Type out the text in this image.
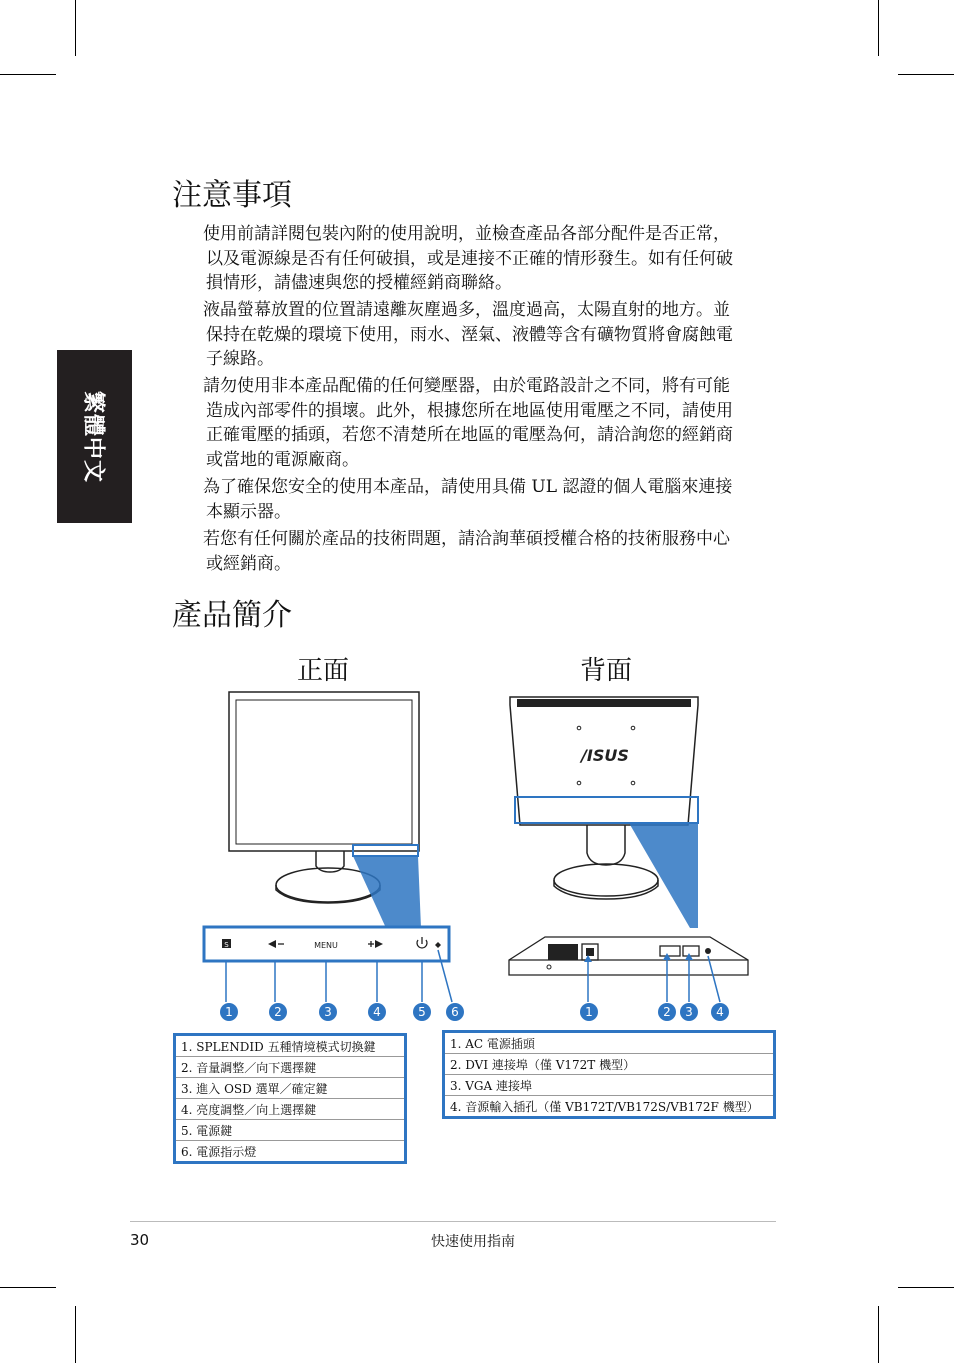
繁體中文
注意事項
使用前請詳閱包裝內附的使用說明，並檢查產品各部分配件是否正常，
以及電源線是否有任何破損，或是連接不正確的情形發生。如有任何破
損情形，請儘速與您的授權經銷商聯絡。
液晶螢幕放置的位置請遠離灰塵過多，溫度過高，太陽直射的地方。並
保持在乾燥的環境下使用，雨水、溼氣、液體等含有礦物質將會腐蝕電
子線路。
請勿使用非本產品配備的任何變壓器，由於電路設計之不同，將有可能
造成內部零件的損壞。此外，根據您所在地區使用電壓之不同，請使用
正確電壓的插頭，若您不清楚所在地區的電壓為何，請洽詢您的經銷商
或當地的電源廠商。
為了確保您安全的使用本產品，請使用具備 UL 認證的個人電腦來連接
本顯示器。
若您有任何關於產品的技術問題，請洽詢華碩授權合格的技術服務中心
或經銷商。
產品簡介
正面	背面
S	MENU
/ISUS
1	2	3	4	5 6	1	2 3 4
1. SPLENDID 五種情境模式切換鍵
2. 音量調整／向下選擇鍵
3. 進入 OSD 選單／確定鍵
4. 亮度調整／向上選擇鍵
5. 電源鍵
6. 電源指示燈
1. AC 電源插頭
2. DVI 連接埠（僅 V172T 機型）
3. VGA 連接埠
4. 音源輸入插孔（僅 VB172T/VB172S/VB172F 機型）
30	快速使用指南
